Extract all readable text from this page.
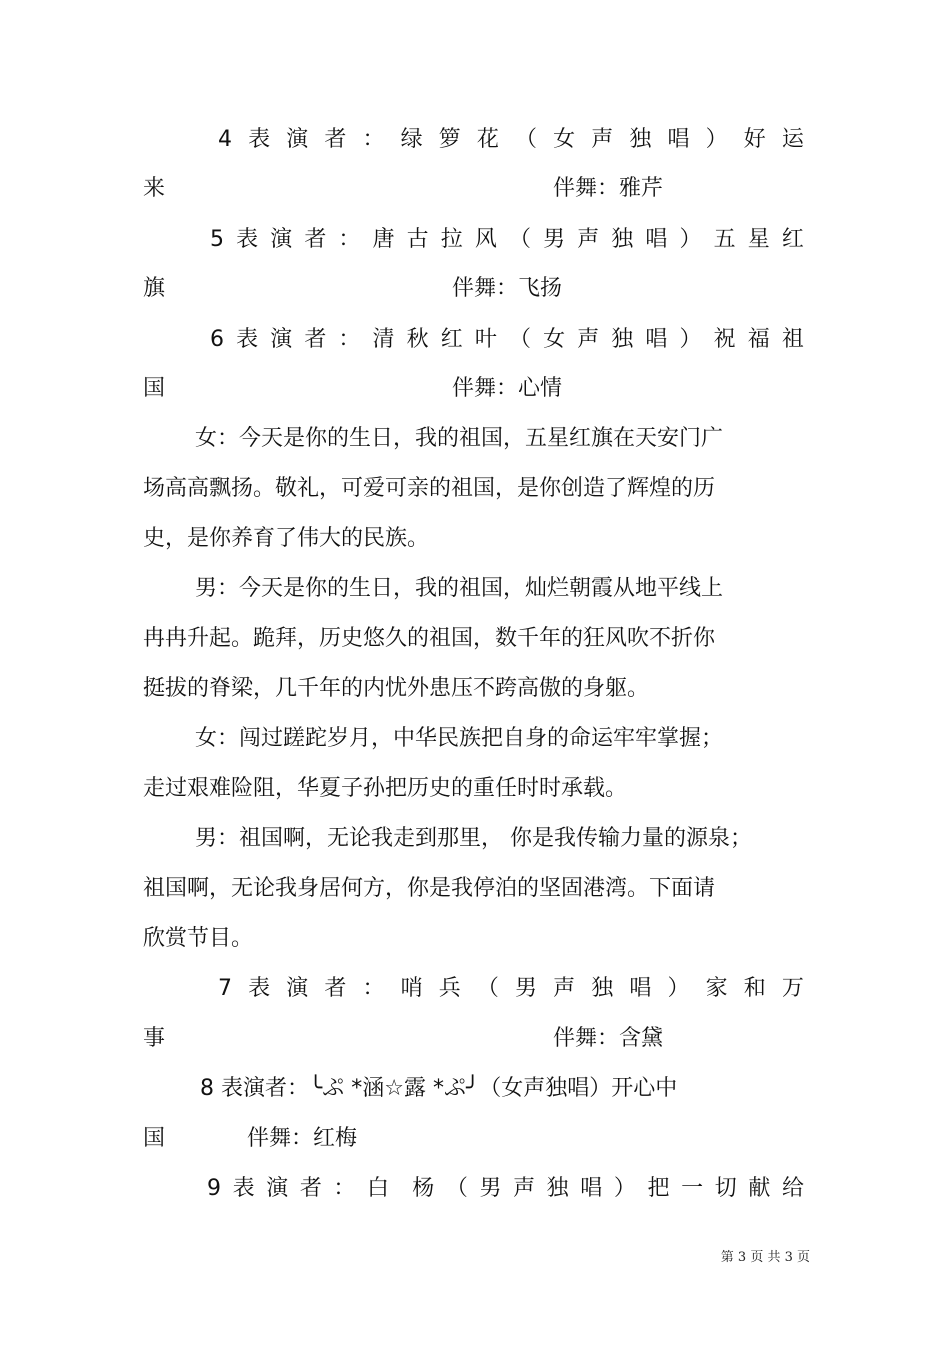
4 表 演 者 ： 绿 箩 花 （ 女 声 独 唱 ） 好 运
来	伴舞：雅芹
5 表 演 者 ： 唐 古 拉 风 （ 男 声 独 唱 ） 五 星 红
旗	伴舞：飞扬
6 表 演 者 ： 清 秋 红 叶 （ 女 声 独 唱 ） 祝 福 祖
国	伴舞：心情
女：今天是你的生日，我的祖国，五星红旗在天安门广
场高高飘扬。敬礼，可爱可亲的祖国，是你创造了辉煌的历
史，是你养育了伟大的民族。
男：今天是你的生日，我的祖国，灿烂朝霞从地平线上
冉冉升起。跪拜，历史悠久的祖国，数千年的狂风吹不折你
挺拔的脊梁，几千年的内忧外患压不跨高傲的身躯。
女：闯过蹉跎岁月，中华民族把自身的命运牢牢掌握；
走过艰难险阻，华夏子孙把历史的重任时时承载。
男：祖国啊，无论我走到那里， 你是我传输力量的源泉；
祖国啊，无论我身居何方，你是我停泊的坚固港湾。下面请
欣赏节目。
7 表 演 者 ： 哨 兵 （ 男 声 独 唱 ） 家 和 万
事	伴舞：含黛
8 表演者：╰ぷ *涵☆露 *ぷ╯（女声独唱）开心中
国	伴舞：红梅
9 表 演 者 ： 白 杨 （ 男 声 独 唱 ） 把 一 切 献 给
第 3 页 共 3 页
